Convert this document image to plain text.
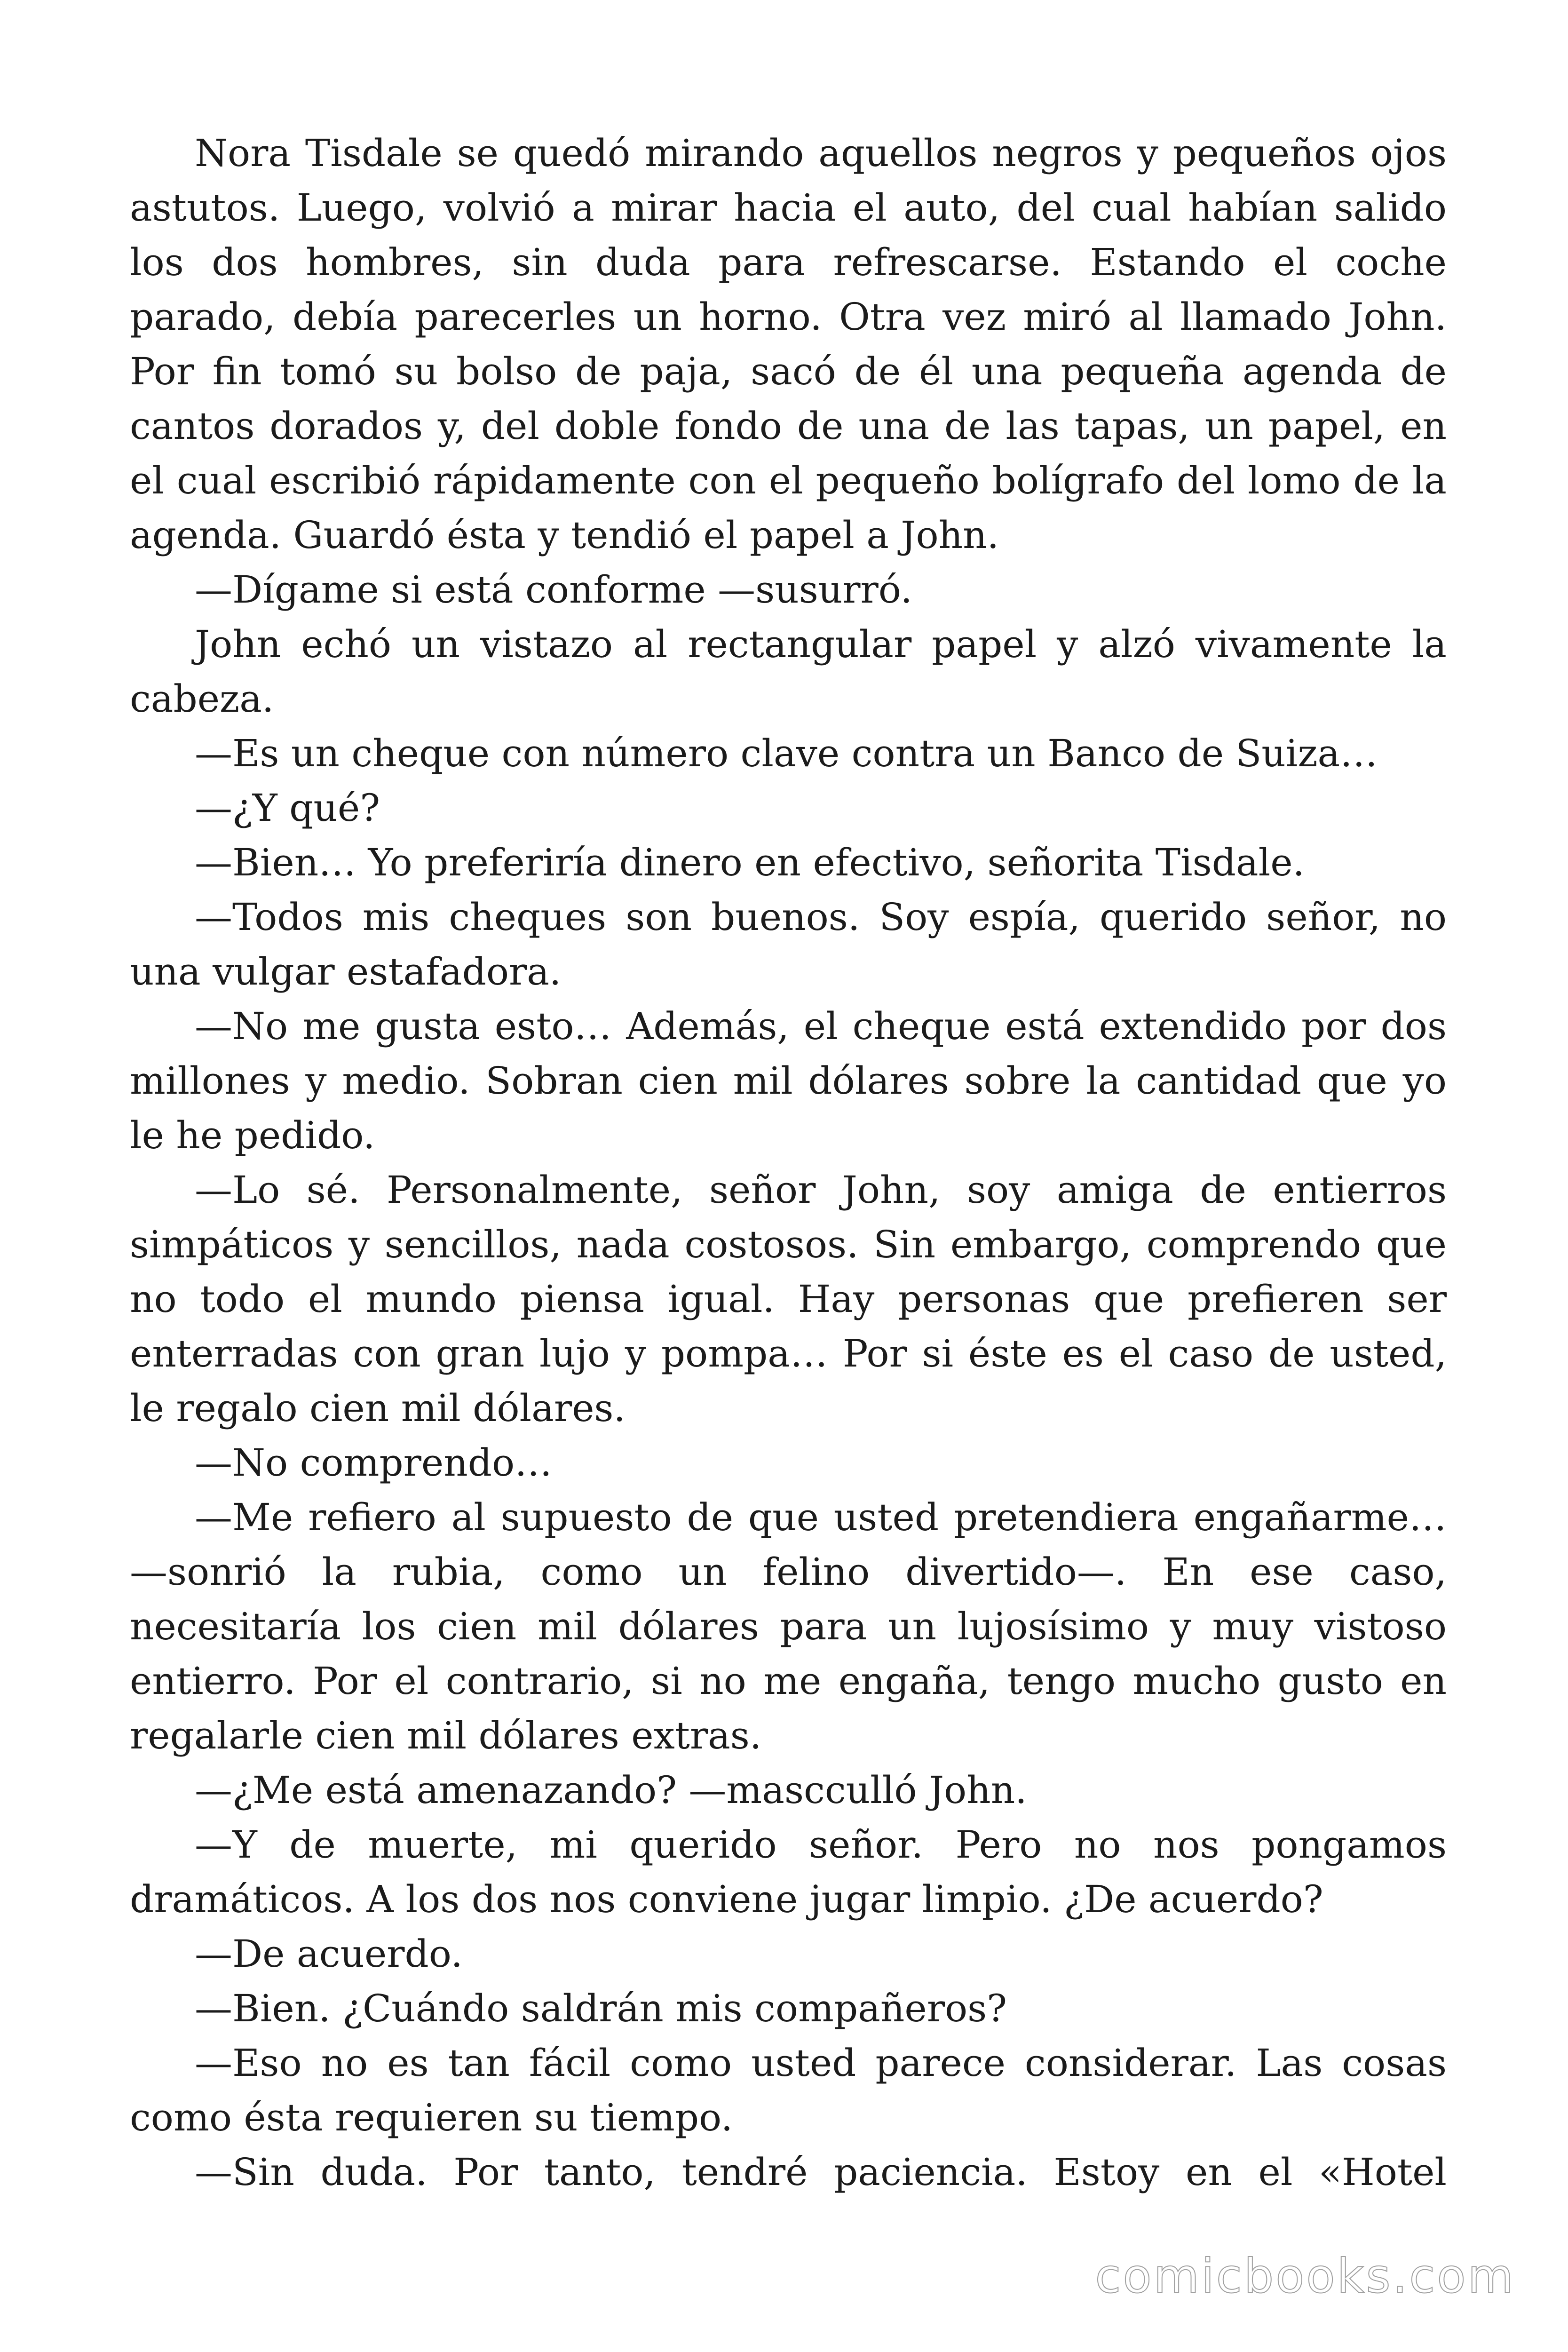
Nora Tisdale se quedó mirando aquellos negros y pequeños ojos astutos. Luego, volvió a mirar hacia el auto, del cual habían salido los dos hombres, sin duda para refrescarse. Estando el coche parado, debía parecerles un horno. Otra vez miró al llamado John. Por fin tomó su bolso de paja, sacó de él una pequeña agenda de cantos dorados y, del doble fondo de una de las tapas, un papel, en el cual escribió rápidamente con el pequeño bolígrafo del lomo de la agenda. Guardó ésta y tendió el papel a John.

—Dígame si está conforme —susurró.

John echó un vistazo al rectangular papel y alzó vivamente la cabeza.

—Es un cheque con número clave contra un Banco de Suiza…

—¿Y qué?

—Bien… Yo preferiría dinero en efectivo, señorita Tisdale.

—Todos mis cheques son buenos. Soy espía, querido señor, no una vulgar estafadora.

—No me gusta esto… Además, el cheque está extendido por dos millones y medio. Sobran cien mil dólares sobre la cantidad que yo le he pedido.

—Lo sé. Personalmente, señor John, soy amiga de entierros simpáticos y sencillos, nada costosos. Sin embargo, comprendo que no todo el mundo piensa igual. Hay personas que prefieren ser enterradas con gran lujo y pompa… Por si éste es el caso de usted, le regalo cien mil dólares.

—No comprendo…

—Me refiero al supuesto de que usted pretendiera engañarme… —sonrió la rubia, como un felino divertido—. En ese caso, necesitaría los cien mil dólares para un lujosísimo y muy vistoso entierro. Por el contrario, si no me engaña, tengo mucho gusto en regalarle cien mil dólares extras.

—¿Me está amenazando? —mascculló John.

—Y de muerte, mi querido señor. Pero no nos pongamos dramáticos. A los dos nos conviene jugar limpio. ¿De acuerdo?

—De acuerdo.

—Bien. ¿Cuándo saldrán mis compañeros?

—Eso no es tan fácil como usted parece considerar. Las cosas como ésta requieren su tiempo.

—Sin duda. Por tanto, tendré paciencia. Estoy en el «Hotel

comicbooks.com
